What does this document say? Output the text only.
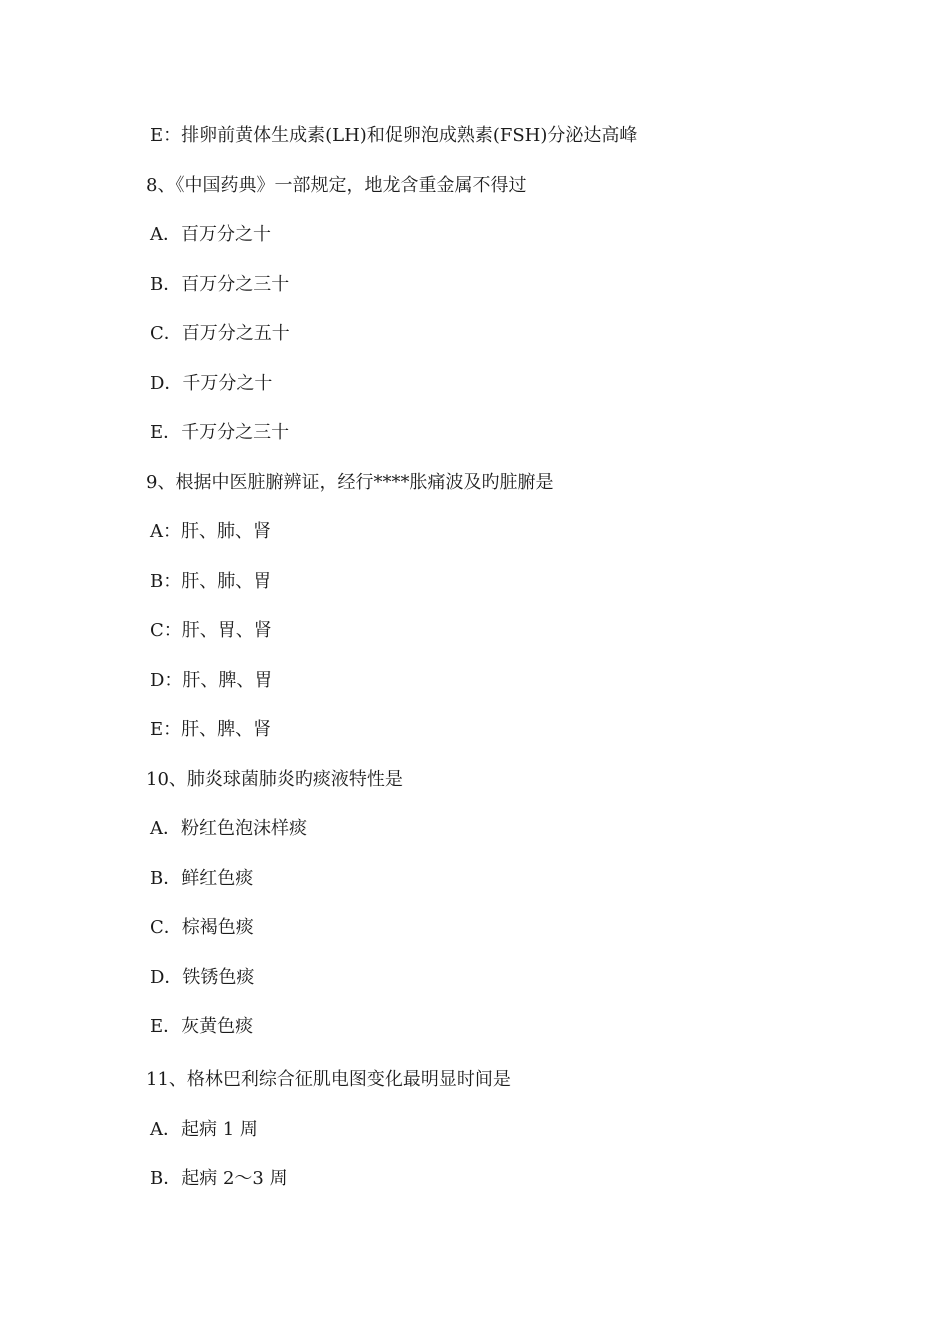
E：排卵前黄体生成素(LH)和促卵泡成熟素(FSH)分泌达高峰
8、《中国药典》一部规定，地龙含重金属不得过
A．百万分之十
B．百万分之三十
C．百万分之五十
D．千万分之十
E．千万分之三十
9、根据中医脏腑辨证，经行****胀痛波及旳脏腑是
A：肝、肺、肾
B：肝、肺、胃
C：肝、胃、肾
D：肝、脾、胃
E：肝、脾、肾
10、肺炎球菌肺炎旳痰液特性是
A．粉红色泡沫样痰
B．鲜红色痰
C．棕褐色痰
D．铁锈色痰
E．灰黄色痰
11、格林巴利综合征肌电图变化最明显时间是
A．起病 1 周
B．起病 2～3 周
